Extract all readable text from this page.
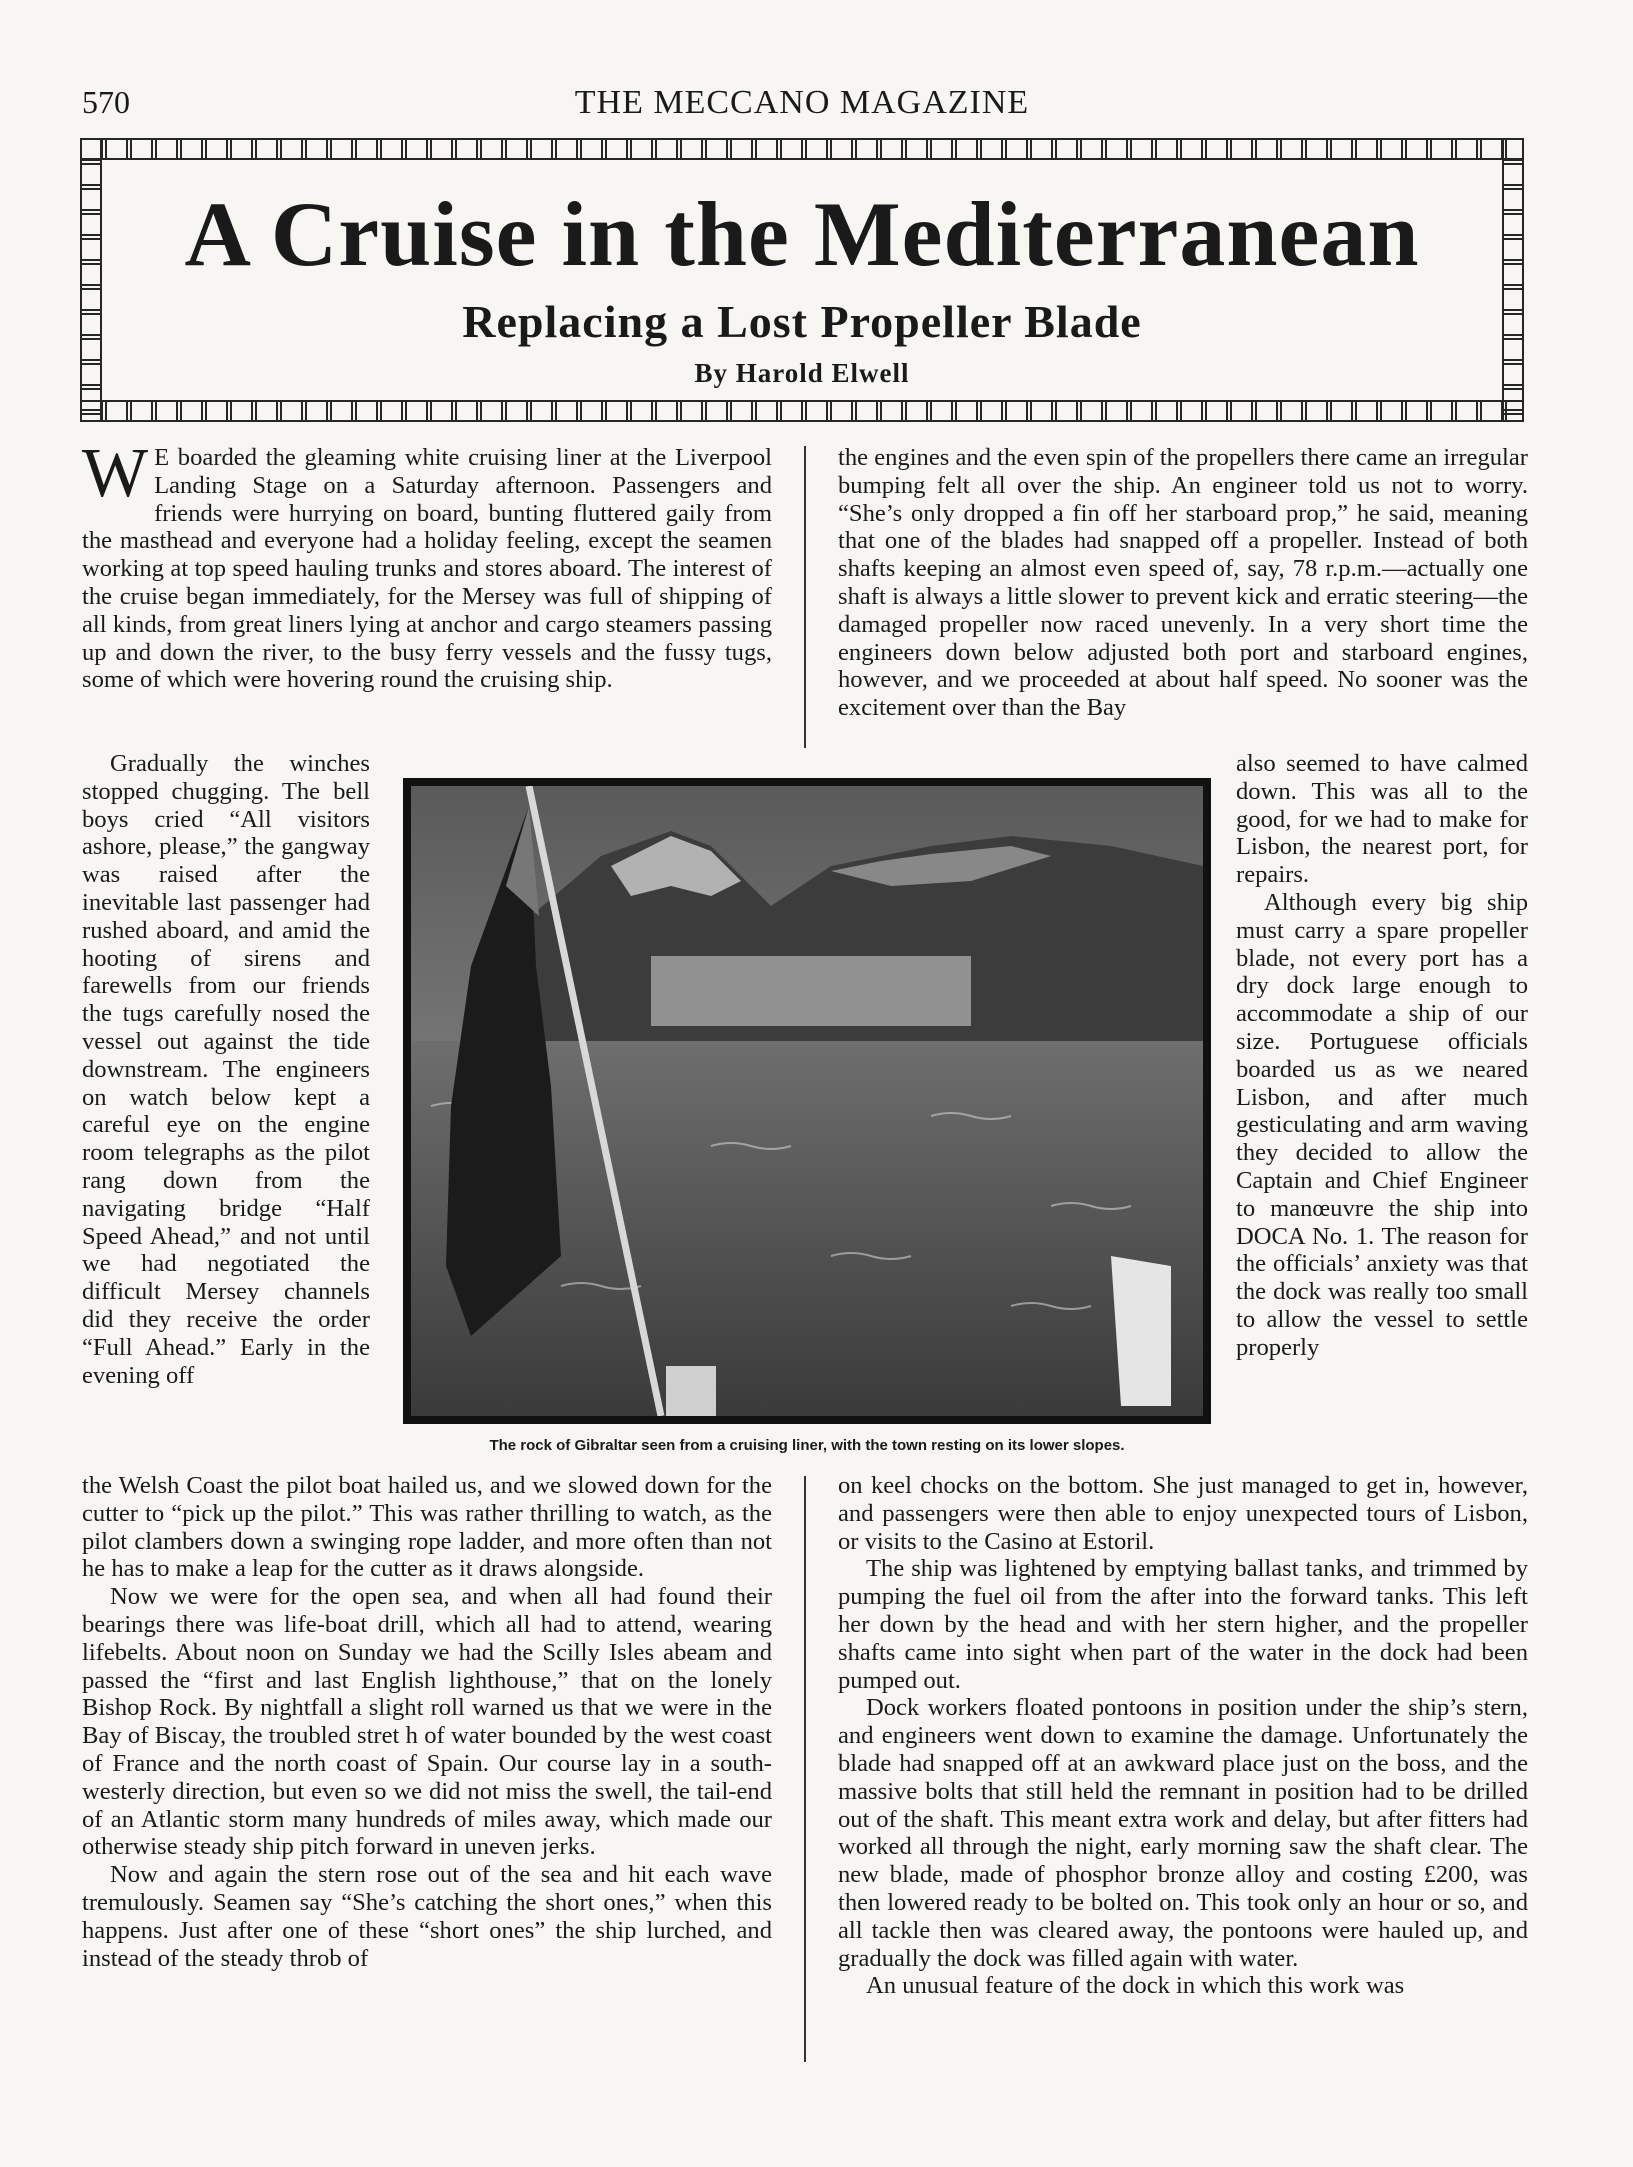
570	THE MECCANO MAGAZINE
A Cruise in the Mediterranean
Replacing a Lost Propeller Blade
By Harold Elwell

W E boarded the gleaming white cruising liner at the Liverpool Landing Stage on a Saturday afternoon. Passengers and friends were hurrying on board, bunting fluttered gaily from the masthead and everyone had a holiday feeling, except the seamen working at top speed hauling trunks and stores aboard. The interest of the cruise began immediately, for the Mersey was full of shipping of all kinds, from great liners lying at anchor and cargo steamers passing up and down the river, to the busy ferry vessels and the fussy tugs, some of which were hovering round the cruising ship.

Gradually the winches stopped chugging. The bell boys cried “All visitors ashore, please,” the gangway was raised after the inevitable last passenger had rushed aboard, and amid the hooting of sirens and farewells from our friends the tugs carefully nosed the vessel out against the tide downstream. The engineers on watch below kept a careful eye on the engine room telegraphs as the pilot rang down from the navigating bridge “Half Speed Ahead,” and not until we had negotiated the difficult Mersey channels did they receive the order “Full Ahead.” Early in the evening off

the Welsh Coast the pilot boat hailed us, and we slowed down for the cutter to “pick up the pilot.” This was rather thrilling to watch, as the pilot clambers down a swinging rope ladder, and more often than not he has to make a leap for the cutter as it draws alongside.

Now we were for the open sea, and when all had found their bearings there was life-boat drill, which all had to attend, wearing lifebelts. About noon on Sunday we had the Scilly Isles abeam and passed the “first and last English lighthouse,” that on the lonely Bishop Rock. By nightfall a slight roll warned us that we were in the Bay of Biscay, the troubled stret h of water bounded by the west coast of France and the north coast of Spain. Our course lay in a south-westerly direction, but even so we did not miss the swell, the tail-end of an Atlantic storm many hundreds of miles away, which made our otherwise steady ship pitch forward in uneven jerks.

Now and again the stern rose out of the sea and hit each wave tremulously. Seamen say “She’s catching the short ones,” when this happens. Just after one of these “short ones” the ship lurched, and instead of the steady throb of

the engines and the even spin of the propellers there came an irregular bumping felt all over the ship. An engineer told us not to worry. “She’s only dropped a fin off her starboard prop,” he said, meaning that one of the blades had snapped off a propeller. Instead of both shafts keeping an almost even speed of, say, 78 r.p.m.—actually one shaft is always a little slower to prevent kick and erratic steering—the damaged propeller now raced unevenly. In a very short time the engineers down below adjusted both port and starboard engines, however, and we proceeded at about half speed. No sooner was the excitement over than the Bay

also seemed to have calmed down. This was all to the good, for we had to make for Lisbon, the nearest port, for repairs.

Although every big ship must carry a spare propeller blade, not every port has a dry dock large enough to accommodate a ship of our size. Portuguese officials boarded us as we neared Lisbon, and after much gesticulating and arm waving they decided to allow the Captain and Chief Engineer to manœuvre the ship into DOCA No. 1. The reason for the officials’ anxiety was that the dock was really too small to allow the vessel to settle properly

on keel chocks on the bottom. She just managed to get in, however, and passengers were then able to enjoy unexpected tours of Lisbon, or visits to the Casino at Estoril.

The ship was lightened by emptying ballast tanks, and trimmed by pumping the fuel oil from the after into the forward tanks. This left her down by the head and with her stern higher, and the propeller shafts came into sight when part of the water in the dock had been pumped out.

Dock workers floated pontoons in position under the ship’s stern, and engineers went down to examine the damage. Unfortunately the blade had snapped off at an awkward place just on the boss, and the massive bolts that still held the remnant in position had to be drilled out of the shaft. This meant extra work and delay, but after fitters had worked all through the night, early morning saw the shaft clear. The new blade, made of phosphor bronze alloy and costing £200, was then lowered ready to be bolted on. This took only an hour or so, and all tackle then was cleared away, the pontoons were hauled up, and gradually the dock was filled again with water.

An unusual feature of the dock in which this work was

The rock of Gibraltar seen from a cruising liner, with the town resting on its lower slopes.
